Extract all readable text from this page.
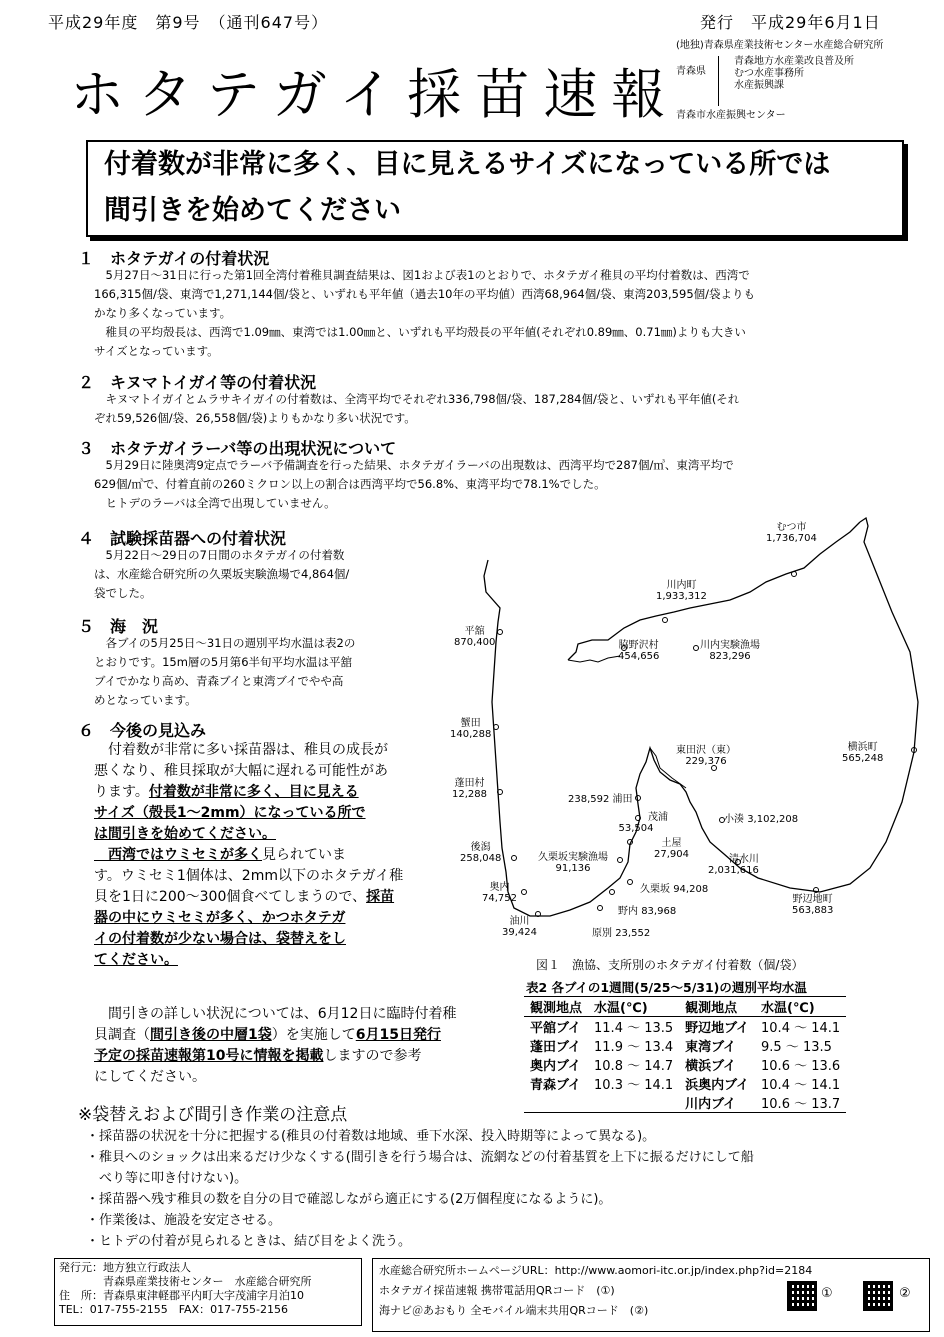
平成29年度　第9号　（通刊647号）	発行　平成29年6月1日
ホタテガイ採苗速報
(地独)青森県産業技術センター水産総合研究所
青森県
青森地方水産業改良普及所
むつ水産事務所
水産振興課
青森市水産振興センター
付着数が非常に多く、目に見えるサイズになっている所では
間引きを始めてください
１　ホタテガイの付着状況
　5月27日～31日に行った第1回全湾付着稚貝調査結果は、図1および表1のとおりで、ホタテガイ稚貝の平均付着数は、西湾で
166,315個/袋、東湾で1,271,144個/袋と、いずれも平年値（過去10年の平均値）西湾68,964個/袋、東湾203,595個/袋よりも
かなり多くなっています。
　稚貝の平均殻長は、西湾で1.09㎜、東湾では1.00㎜と、いずれも平均殻長の平年値(それぞれ0.89㎜、0.71㎜)よりも大きい
サイズとなっています。
２　キヌマトイガイ等の付着状況
　キヌマトイガイとムラサキイガイの付着数は、全湾平均でそれぞれ336,798個/袋、187,284個/袋と、いずれも平年値(それ
ぞれ59,526個/袋、26,558個/袋)よりもかなり多い状況です。
３　ホタテガイラーバ等の出現状況について
　5月29日に陸奥湾9定点でラーバ予備調査を行った結果、ホタテガイラーバの出現数は、西湾平均で287個/㎥、東湾平均で
629個/㎥で、付着直前の260ミクロン以上の割合は西湾平均で56.8%、東湾平均で78.1%でした。
　ヒトデのラーバは全湾で出現していません。
４　試験採苗器への付着状況
　5月22日～29日の7日間のホタテガイの付着数
は、水産総合研究所の久栗坂実験漁場で4,864個/
袋でした。
５　海　況
　各ブイの5月25日～31日の週別平均水温は表2の
とおりです。15m層の5月第6半旬平均水温は平舘
ブイでかなり高め、青森ブイと東湾ブイでやや高
めとなっています。
６　今後の見込み
　付着数が非常に多い採苗器は、稚貝の成長が
悪くなり、稚貝採取が大幅に遅れる可能性があ
ります。付着数が非常に多く、目に見える
サイズ（殻長1～2mm）になっている所で
は間引きを始めてください。
　西湾ではウミセミが多く見られていま
す。ウミセミ1個体は、2mm以下のホタテガイ稚
貝を1日に200～300個食べてしまうので、採苗
器の中にウミセミが多く、かつホタテガ
イの付着数が少ない場合は、袋替えをし
てください。
　間引きの詳しい状況については、6月12日に臨時付着稚
貝調査（間引き後の中層1袋）を実施して6月15日発行
予定の採苗速報第10号に情報を掲載しますので参考
にしてください。
むつ市
1,736,704
川内町
1,933,312
平舘
870,400	脇野沢村
454,656
川内実験漁場
823,296
蟹田
140,288
東田沢（東）
229,376
横浜町
565,248
蓬田村
12,288	238,592 浦田
茂浦
53,504
小湊 3,102,208
土屋
27,904
後潟
258,048	久栗坂実験漁場
91,136
清水川
2,031,616
久栗坂 94,208
奥内
74,752	野辺地町
563,883
野内 83,968
油川
39,424	原別 23,552
図１　漁協、支所別のホタテガイ付着数（個/袋）
表2 各ブイの1週間(5/25～5/31)の週別平均水温
観測地点	水温(℃)	観測地点	水温(℃)
平舘ブイ	11.4 ～ 13.5	野辺地ブイ	10.4 ～ 14.1
蓬田ブイ	11.9 ～ 13.4	東湾ブイ	9.5 ～ 13.5
奥内ブイ	10.8 ～ 14.7	横浜ブイ	10.6 ～ 13.6
青森ブイ	10.3 ～ 14.1	浜奥内ブイ	10.4 ～ 14.1
		川内ブイ	10.6 ～ 13.7
※袋替えおよび間引き作業の注意点
・採苗器の状況を十分に把握する(稚貝の付着数は地域、垂下水深、投入時期等によって異なる)。
・稚貝へのショックは出来るだけ少なくする(間引きを行う場合は、流網などの付着基質を上下に振るだけにして船
　べり等に叩き付けない)。
・採苗器へ残す稚貝の数を自分の目で確認しながら適正にする(2万個程度になるように)。
・作業後は、施設を安定させる。
・ヒトデの付着が見られるときは、結び目をよく洗う。
発行元：地方独立行政法人
　　　　青森県産業技術センター　水産総合研究所
住　所：青森県東津軽郡平内町大字茂浦字月泊10
TEL：017-755-2155　FAX：017-755-2156
水産総合研究所ホームページURL：http://www.aomori-itc.or.jp/index.php?id=2184
ホタテガイ採苗速報 携帯電話用QRコード　(①)
海ナビ＠あおもり 全モバイル端末共用QRコード　(②)
①	②
